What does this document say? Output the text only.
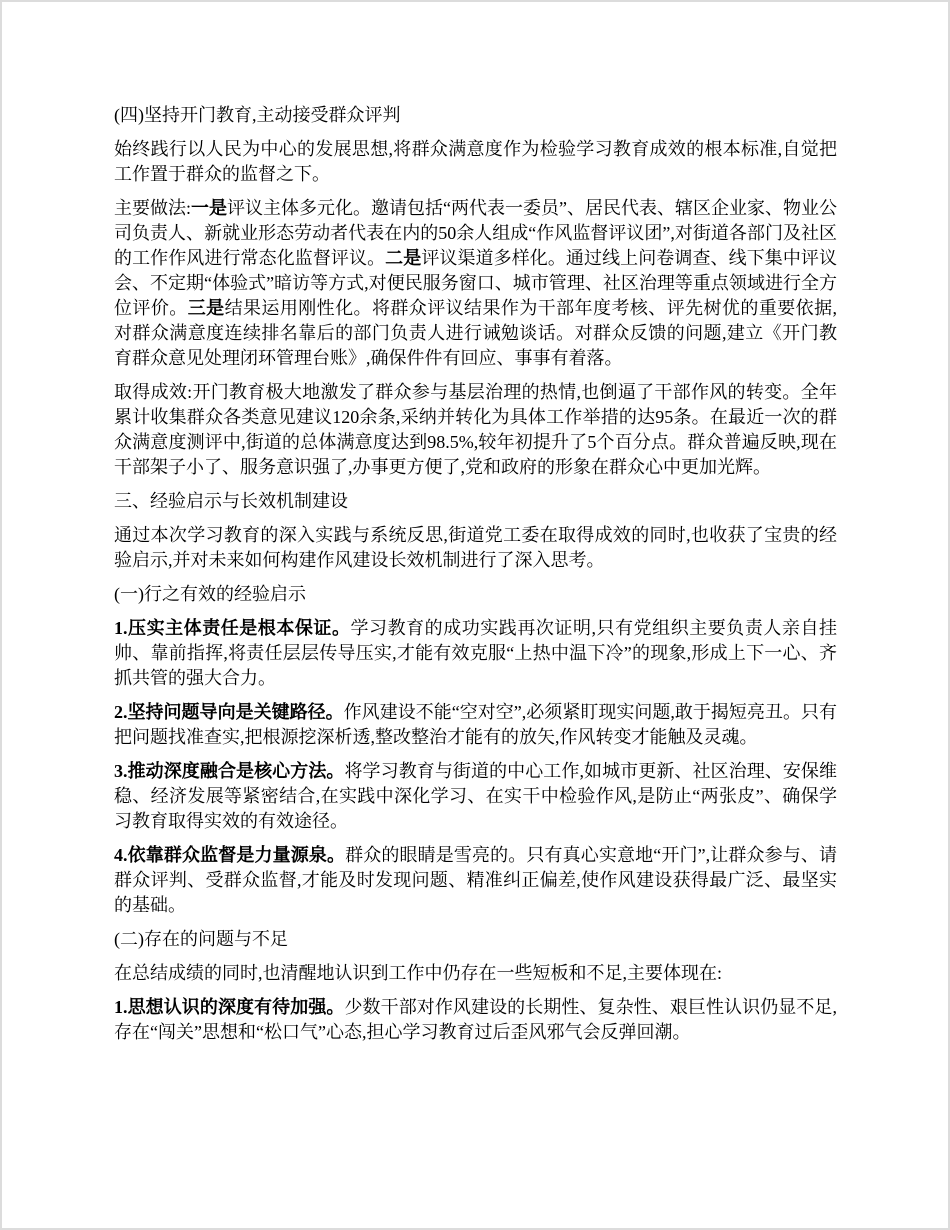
(四)坚持开门教育,主动接受群众评判

始终践行以人民为中心的发展思想,将群众满意度作为检验学习教育成效的根本标准,自觉把工作置于群众的监督之下。

主要做法:一是评议主体多元化。邀请包括“两代表一委员”、居民代表、辖区企业家、物业公司负责人、新就业形态劳动者代表在内的50余人组成“作风监督评议团”,对街道各部门及社区的工作作风进行常态化监督评议。二是评议渠道多样化。通过线上问卷调查、线下集中评议会、不定期“体验式”暗访等方式,对便民服务窗口、城市管理、社区治理等重点领域进行全方位评价。三是结果运用刚性化。将群众评议结果作为干部年度考核、评先树优的重要依据,对群众满意度连续排名靠后的部门负责人进行诫勉谈话。对群众反馈的问题,建立《开门教育群众意见处理闭环管理台账》,确保件件有回应、事事有着落。

取得成效:开门教育极大地激发了群众参与基层治理的热情,也倒逼了干部作风的转变。全年累计收集群众各类意见建议120余条,采纳并转化为具体工作举措的达95条。在最近一次的群众满意度测评中,街道的总体满意度达到98.5%,较年初提升了5个百分点。群众普遍反映,现在干部架子小了、服务意识强了,办事更方便了,党和政府的形象在群众心中更加光辉。

三、经验启示与长效机制建设

通过本次学习教育的深入实践与系统反思,街道党工委在取得成效的同时,也收获了宝贵的经验启示,并对未来如何构建作风建设长效机制进行了深入思考。

(一)行之有效的经验启示

1.压实主体责任是根本保证。学习教育的成功实践再次证明,只有党组织主要负责人亲自挂帅、靠前指挥,将责任层层传导压实,才能有效克服“上热中温下冷”的现象,形成上下一心、齐抓共管的强大合力。

2.坚持问题导向是关键路径。作风建设不能“空对空”,必须紧盯现实问题,敢于揭短亮丑。只有把问题找准查实,把根源挖深析透,整改整治才能有的放矢,作风转变才能触及灵魂。

3.推动深度融合是核心方法。将学习教育与街道的中心工作,如城市更新、社区治理、安保维稳、经济发展等紧密结合,在实践中深化学习、在实干中检验作风,是防止“两张皮”、确保学习教育取得实效的有效途径。

4.依靠群众监督是力量源泉。群众的眼睛是雪亮的。只有真心实意地“开门”,让群众参与、请群众评判、受群众监督,才能及时发现问题、精准纠正偏差,使作风建设获得最广泛、最坚实的基础。

(二)存在的问题与不足

在总结成绩的同时,也清醒地认识到工作中仍存在一些短板和不足,主要体现在:

1.思想认识的深度有待加强。少数干部对作风建设的长期性、复杂性、艰巨性认识仍显不足,存在“闯关”思想和“松口气”心态,担心学习教育过后歪风邪气会反弹回潮。
